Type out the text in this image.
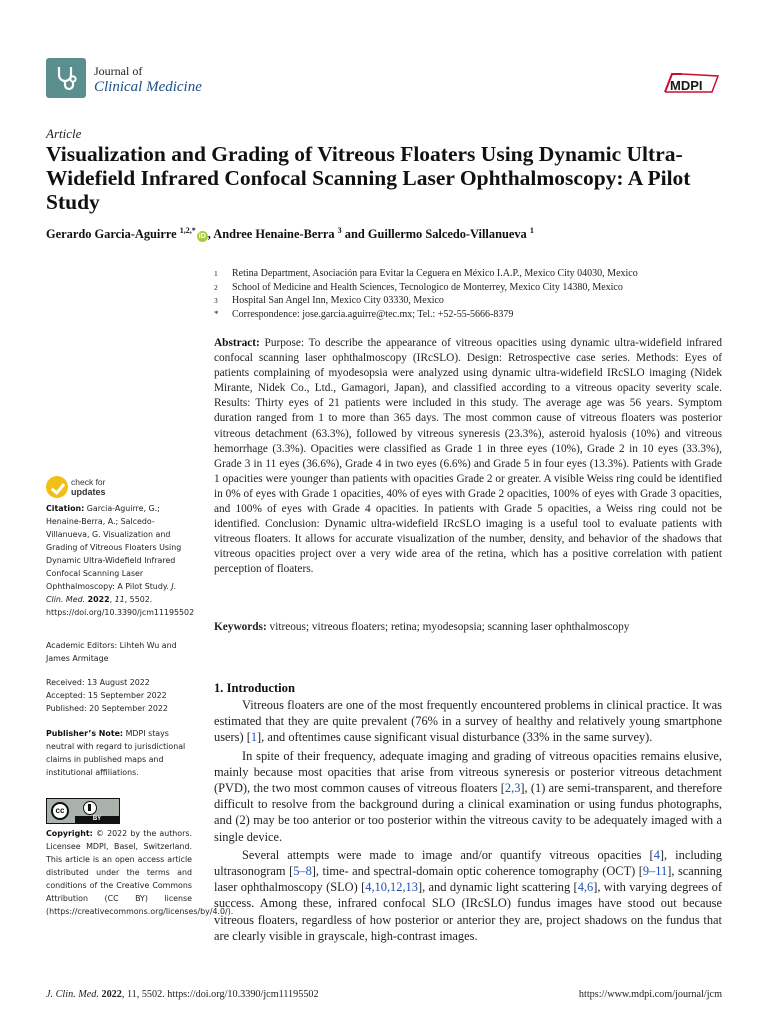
Journal of
Clinical Medicine	MDPI
Article
Visualization and Grading of Vitreous Floaters Using Dynamic Ultra-Widefield Infrared Confocal Scanning Laser Ophthalmoscopy: A Pilot Study
Gerardo Garcia-Aguirre $^{1,2,*}$iD , Andree Henaine-Berra $^3$ and Guillermo Salcedo-Villanueva $^1$
1	Retina Department, Asociación para Evitar la Ceguera en México I.A.P., Mexico City 04030, Mexico
2	School of Medicine and Health Sciences, Tecnologico de Monterrey, Mexico City 14380, Mexico
3	Hospital San Angel Inn, Mexico City 03330, Mexico
*	Correspondence: jose.garcia.aguirre@tec.mx; Tel.: +52-55-5666-8379
Abstract: Purpose: To describe the appearance of vitreous opacities using dynamic ultra-widefield infrared confocal scanning laser ophthalmoscopy (IRcSLO). Design: Retrospective case series. Methods: Eyes of patients complaining of myodesopsia were analyzed using dynamic ultra-widefield IRcSLO imaging (Nidek Mirante, Nidek Co., Ltd., Gamagori, Japan), and classified according to a vitreous opacity severity scale. Results: Thirty eyes of 21 patients were included in this study. The average age was 56 years. Symptom duration ranged from 1 to more than 365 days. The most common cause of vitreous floaters was posterior vitreous detachment (63.3%), followed by vitreous syneresis (23.3%), asteroid hyalosis (10%) and vitreous hemorrhage (3.3%). Opacities were classified as Grade 1 in three eyes (10%), Grade 2 in 10 eyes (33.3%), Grade 3 in 11 eyes (36.6%), Grade 4 in two eyes (6.6%) and Grade 5 in four eyes (13.3%). Patients with Grade 1 opacities were younger than patients with opacities Grade 2 or greater. A visible Weiss ring could be identified in 0% of eyes with Grade 1 opacities, 40% of eyes with Grade 2 opacities, 100% of eyes with Grade 3 opacities, and 100% of eyes with Grade 4 opacities. In patients with Grade 5 opacities, a Weiss ring could not be identified. Conclusion: Dynamic ultra-widefield IRcSLO imaging is a useful tool to evaluate patients with vitreous floaters. It allows for accurate visualization of the number, density, and behavior of the shadows that vitreous opacities project over a very wide area of the retina, which has a positive correlation with patient perception of floaters.
Keywords: vitreous; vitreous floaters; retina; myodesopsia; scanning laser ophthalmoscopy
1. Introduction

Vitreous floaters are one of the most frequently encountered problems in clinical practice. It was estimated that they are quite prevalent (76% in a survey of healthy and relatively young smartphone users) [1], and oftentimes cause significant visual disturbance (33% in the same survey).

In spite of their frequency, adequate imaging and grading of vitreous opacities remains elusive, mainly because most opacities that arise from vitreous syneresis or posterior vitreous detachment (PVD), the two most common causes of vitreous floaters [2,3], (1) are semi-transparent, and therefore difficult to resolve from the background during a clinical examination or using fundus photographs, and (2) may be too anterior or too posterior within the vitreous cavity to be adequately imaged with a single device.

Several attempts were made to image and/or quantify vitreous opacities [4], including ultrasonogram [5–8], time- and spectral-domain optic coherence tomography (OCT) [9–11], scanning laser ophthalmoscopy (SLO) [4,10,12,13], and dynamic light scattering [4,6], with varying degrees of success. Among these, infrared confocal SLO (IRcSLO) fundus images have stood out because vitreous floaters, regardless of how posterior or anterior they are, project shadows on the fundus that are clearly visible in grayscale, high-contrast images.

check for
updates
Citation: Garcia-Aguirre, G.; Henaine-Berra, A.; Salcedo-Villanueva, G. Visualization and Grading of Vitreous Floaters Using Dynamic Ultra-Widefield Infrared Confocal Scanning Laser Ophthalmoscopy: A Pilot Study. J. Clin. Med. 2022, 11, 5502. https://doi.org/10.3390/jcm11195502
Academic Editors: Lihteh Wu and James Armitage
Received: 13 August 2022
Accepted: 15 September 2022
Published: 20 September 2022
Publisher’s Note: MDPI stays neutral with regard to jurisdictional claims in published maps and institutional affiliations.
cc
BY
Copyright: © 2022 by the authors. Licensee MDPI, Basel, Switzerland. This article is an open access article distributed under the terms and conditions of the Creative Commons Attribution (CC BY) license (https://creativecommons.org/licenses/by/4.0/).
J. Clin. Med. 2022, 11, 5502. https://doi.org/10.3390/jcm11195502	https://www.mdpi.com/journal/jcm
